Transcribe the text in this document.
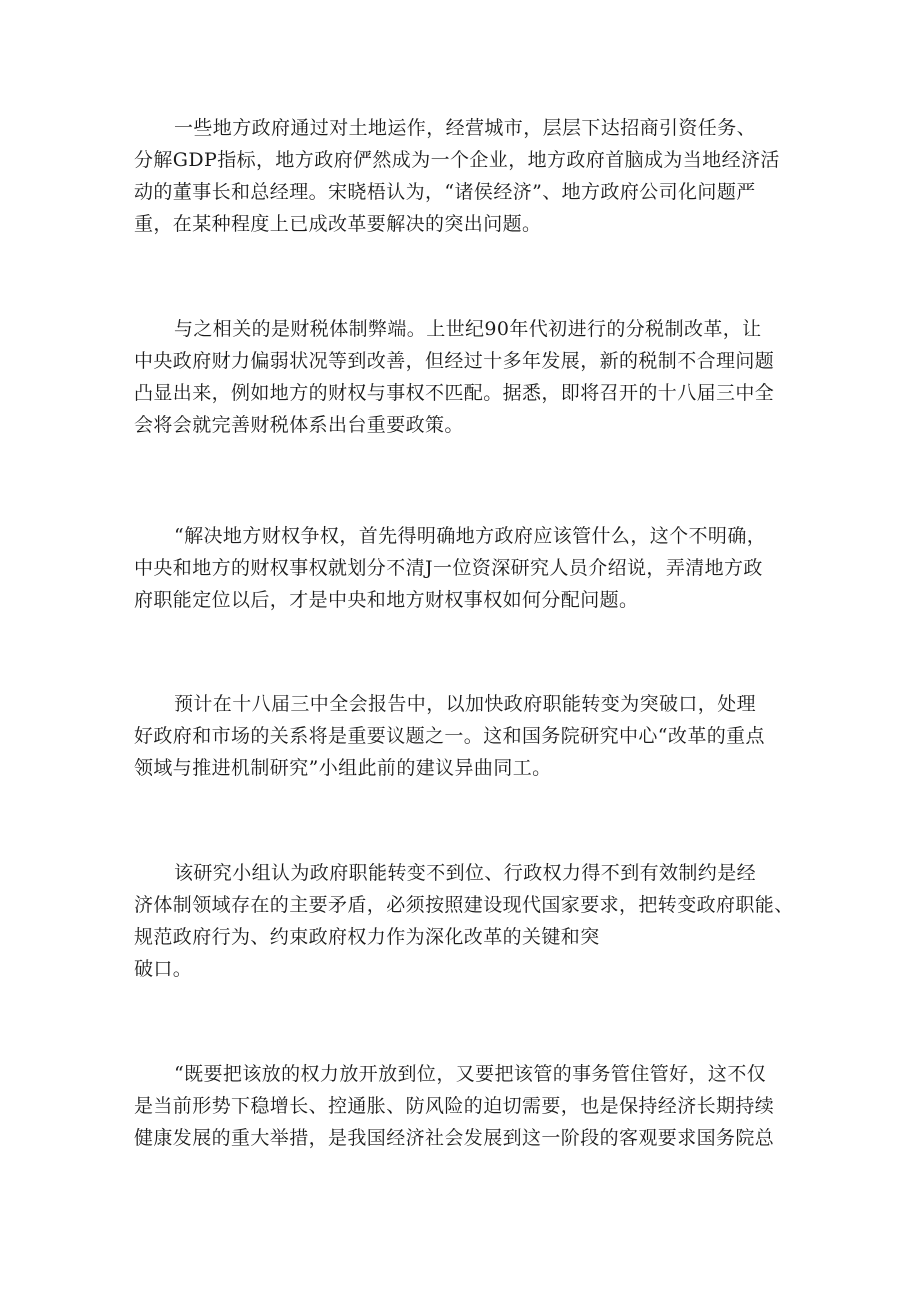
一些地方政府通过对土地运作，经营城市，层层下达招商引资任务、
分解GDP指标，地方政府俨然成为一个企业，地方政府首脑成为当地经济活
动的董事长和总经理。宋晓梧认为，“诸侯经济”、地方政府公司化问题严
重，在某种程度上已成改革要解决的突出问题。
与之相关的是财税体制弊端。上世纪90年代初进行的分税制改革，让
中央政府财力偏弱状况等到改善，但经过十多年发展，新的税制不合理问题
凸显出来，例如地方的财权与事权不匹配。据悉，即将召开的十八届三中全
会将会就完善财税体系出台重要政策。
“解决地方财权争权，首先得明确地方政府应该管什么，这个不明确，
中央和地方的财权事权就划分不清J一位资深研究人员介绍说，弄清地方政
府职能定位以后，才是中央和地方财权事权如何分配问题。
预计在十八届三中全会报告中，以加快政府职能转变为突破口，处理
好政府和市场的关系将是重要议题之一。这和国务院研究中心“改革的重点
领域与推进机制研究”小组此前的建议异曲同工。
该研究小组认为政府职能转变不到位、行政权力得不到有效制约是经
济体制领域存在的主要矛盾，必须按照建设现代国家要求，把转变政府职能、
规范政府行为、约束政府权力作为深化改革的关键和突
破口。
“既要把该放的权力放开放到位，又要把该管的事务管住管好，这不仅
是当前形势下稳增长、控通胀、防风险的迫切需要，也是保持经济长期持续
健康发展的重大举措，是我国经济社会发展到这一阶段的客观要求国务院总
